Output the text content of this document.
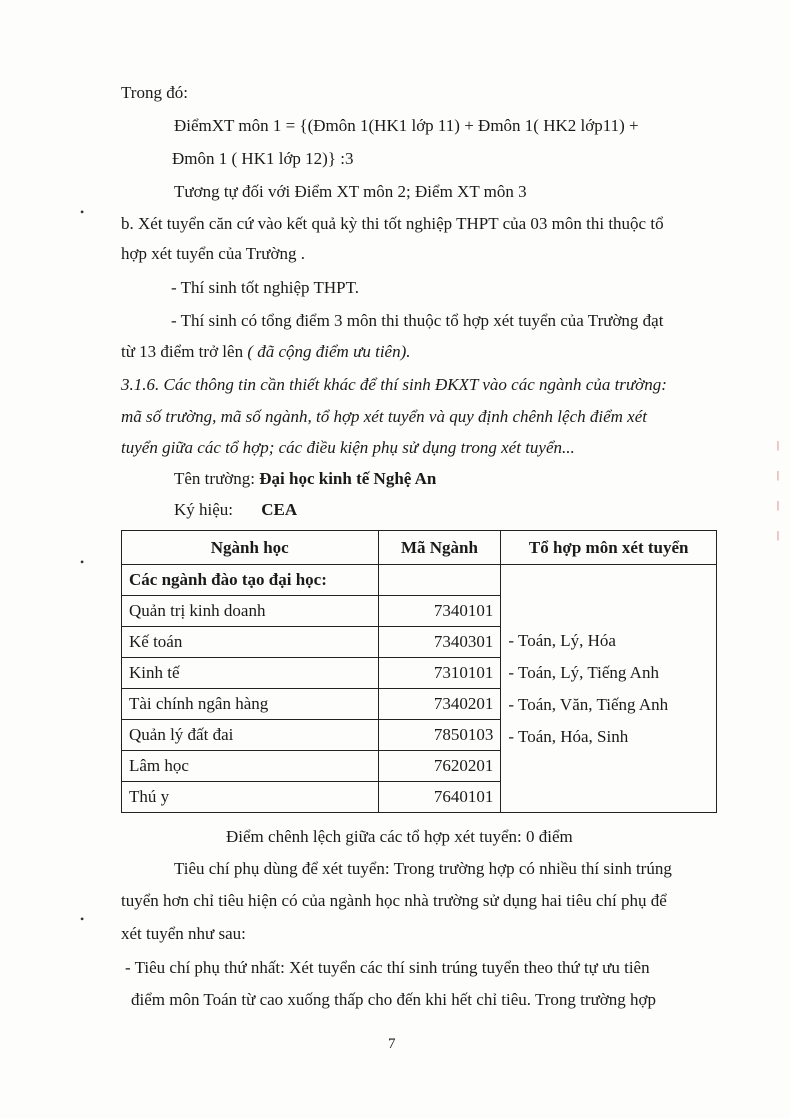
Trong đó:
ĐiểmXT môn 1 = {(Đmôn 1(HK1 lớp 11) + Đmôn 1( HK2 lớp11) +
Đmôn 1 ( HK1 lớp 12)} :3
Tương tự đối với Điểm XT môn 2; Điểm XT môn 3
b. Xét tuyển căn cứ vào kết quả kỳ thi tốt nghiệp THPT của 03 môn thi thuộc tổ
hợp xét tuyển của Trường .
- Thí sinh tốt nghiệp THPT.
- Thí sinh có tổng điểm 3 môn thi thuộc tổ hợp xét tuyển của Trường đạt
từ 13 điểm trở lên ( đã cộng điểm ưu tiên).
3.1.6. Các thông tin cần thiết khác để thí sinh ĐKXT vào các ngành của trường:
mã số trường, mã số ngành, tổ hợp xét tuyển và quy định chênh lệch điểm xét
tuyển giữa các tổ hợp; các điều kiện phụ sử dụng trong xét tuyển...
Tên trường: Đại học kinh tế Nghệ An
Ký hiệu: CEA
Ngành học	Mã Ngành	Tổ hợp môn xét tuyển
Các ngành đào tạo đại học:		- Toán, Lý, Hóa
- Toán, Lý, Tiếng Anh
- Toán, Văn, Tiếng Anh
- Toán, Hóa, Sinh

Quản trị kinh doanh	7340101	
Kế toán	7340301	
Kinh tế	7310101	
Tài chính ngân hàng	7340201	
Quản lý đất đai	7850103	
Lâm học	7620201	
Thú y	7640101	
Điểm chênh lệch giữa các tổ hợp xét tuyển: 0 điểm
Tiêu chí phụ dùng để xét tuyển: Trong trường hợp có nhiều thí sinh trúng
tuyển hơn chỉ tiêu hiện có của ngành học nhà trường sử dụng hai tiêu chí phụ để
xét tuyển như sau:
- Tiêu chí phụ thứ nhất: Xét tuyển các thí sinh trúng tuyển theo thứ tự ưu tiên
điểm môn Toán từ cao xuống thấp cho đến khi hết chỉ tiêu. Trong trường hợp
7
•
•
•
|
|
|
|
